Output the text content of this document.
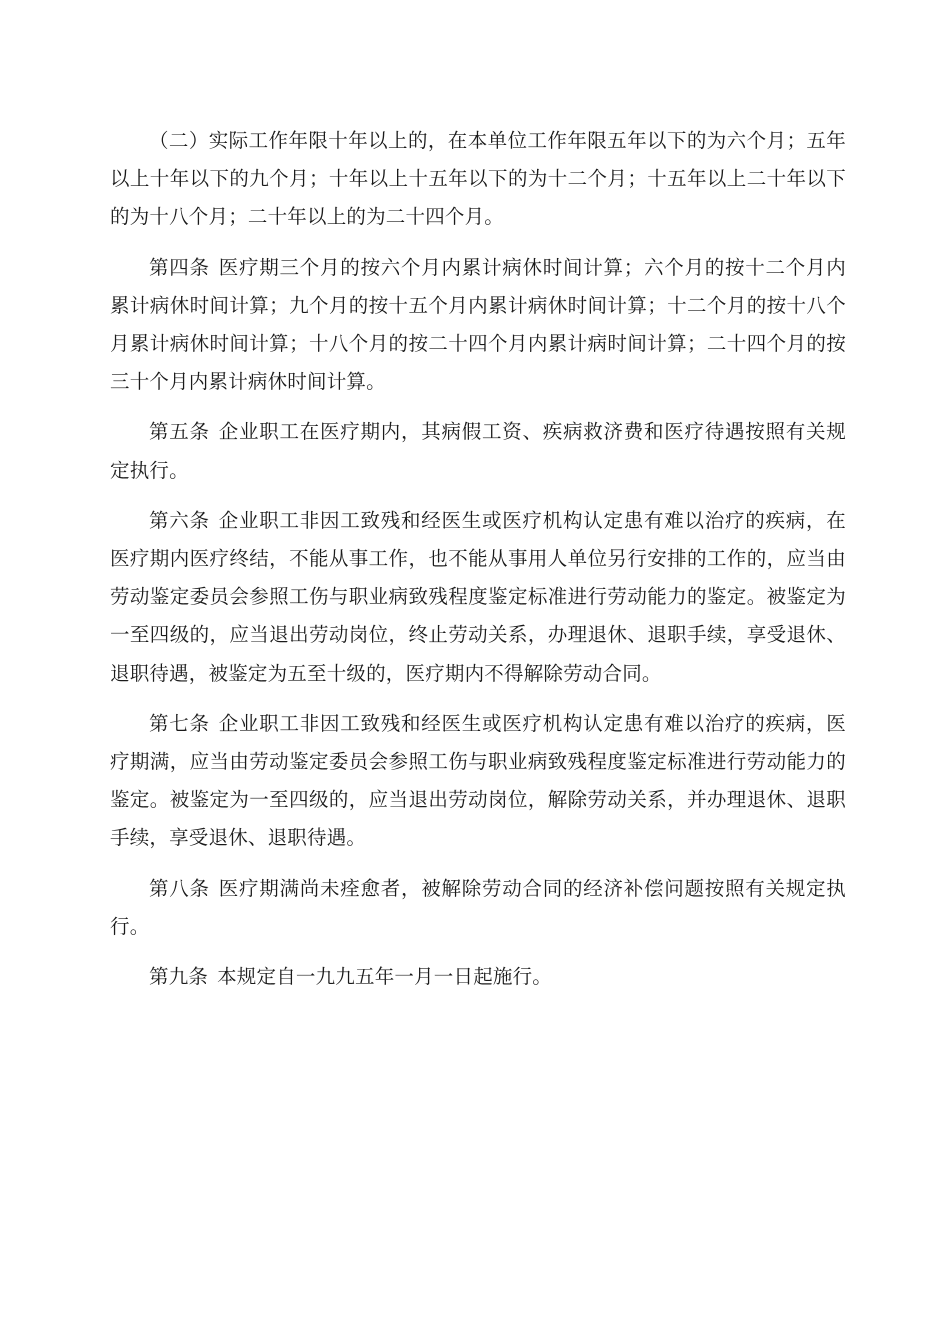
（二）实际工作年限十年以上的，在本单位工作年限五年以下的为六个月；五年以上十年以下的九个月；十年以上十五年以下的为十二个月；十五年以上二十年以下的为十八个月；二十年以上的为二十四个月。

第四条 医疗期三个月的按六个月内累计病休时间计算；六个月的按十二个月内累计病休时间计算；九个月的按十五个月内累计病休时间计算；十二个月的按十八个月累计病休时间计算；十八个月的按二十四个月内累计病时间计算；二十四个月的按三十个月内累计病休时间计算。

第五条 企业职工在医疗期内，其病假工资、疾病救济费和医疗待遇按照有关规定执行。

第六条 企业职工非因工致残和经医生或医疗机构认定患有难以治疗的疾病，在医疗期内医疗终结，不能从事工作，也不能从事用人单位另行安排的工作的，应当由劳动鉴定委员会参照工伤与职业病致残程度鉴定标准进行劳动能力的鉴定。被鉴定为一至四级的，应当退出劳动岗位，终止劳动关系，办理退休、退职手续，享受退休、退职待遇，被鉴定为五至十级的，医疗期内不得解除劳动合同。

第七条 企业职工非因工致残和经医生或医疗机构认定患有难以治疗的疾病，医疗期满，应当由劳动鉴定委员会参照工伤与职业病致残程度鉴定标准进行劳动能力的鉴定。被鉴定为一至四级的，应当退出劳动岗位，解除劳动关系，并办理退休、退职手续，享受退休、退职待遇。

第八条 医疗期满尚未痊愈者，被解除劳动合同的经济补偿问题按照有关规定执行。

第九条 本规定自一九九五年一月一日起施行。
